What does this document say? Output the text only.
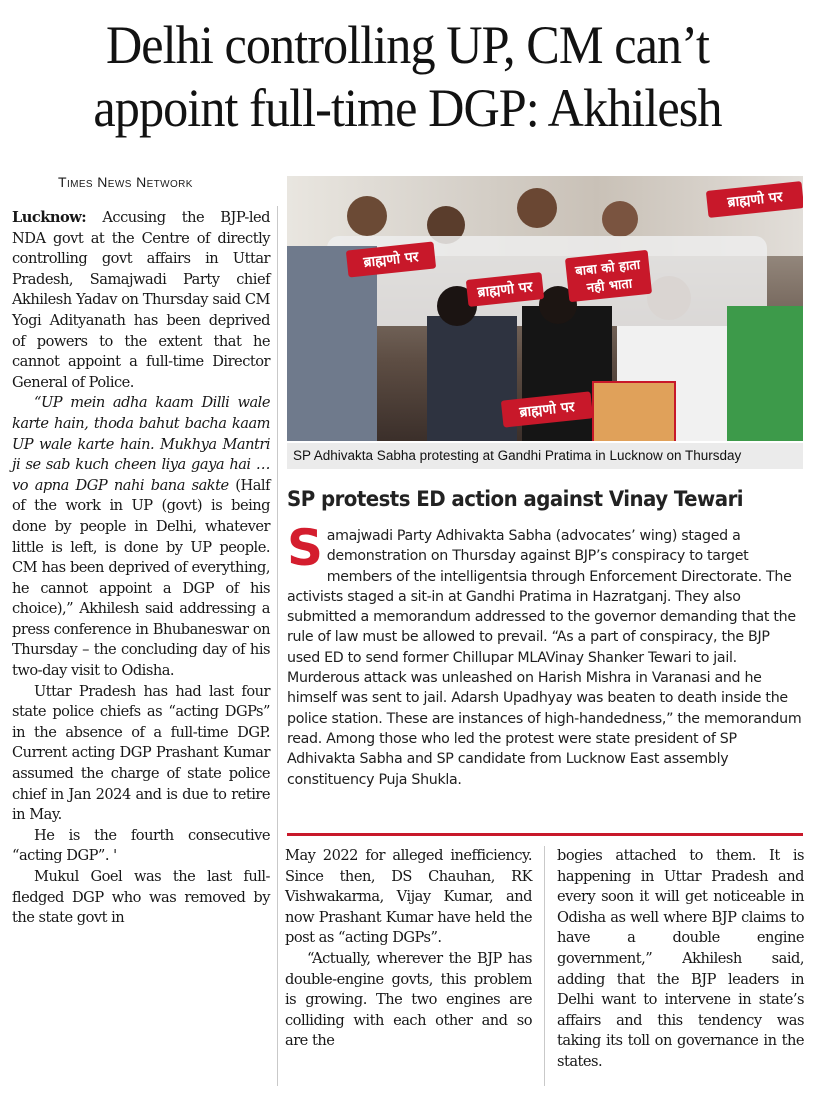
Delhi controlling UP, CM can’t
appoint full-time DGP: Akhilesh
Times News Network

Lucknow: Accusing the BJP-led NDA govt at the Centre of directly controlling govt affairs in Uttar Pradesh, Samajwadi Party chief Akhilesh Yadav on Thursday said CM Yogi Adityanath has been deprived of powers to the extent that he cannot appoint a full-time Director General of Police.

“UP mein adha kaam Dilli wale karte hain, thoda bahut bacha kaam UP wale karte hain. Mukhya Mantri ji se sab kuch cheen liya gaya hai … vo apna DGP nahi bana sakte (Half of the work in UP (govt) is being done by people in Delhi, whatever little is left, is done by UP people. CM has been deprived of everything, he cannot appoint a DGP of his choice),” Akhilesh said addressing a press conference in Bhubaneswar on Thursday – the concluding day of his two-day visit to Odisha.

Uttar Pradesh has had last four state police chiefs as “acting DGPs” in the absence of a full-time DGP. Current acting DGP Prashant Kumar assumed the charge of state police chief in Jan 2024 and is due to retire in May.

He is the fourth consecutive “acting DGP”. '

Mukul Goel was the last full-fledged DGP who was removed by the state govt in

ब्राह्मणो पर	बाबा को हाता नही भाता
ब्राह्मणो पर
ब्राह्मणो पर
ब्राह्मणो पर
SP Adhivakta Sabha protesting at Gandhi Pratima in Lucknow on Thursday
SP protests ED action against Vinay Tewari
Samajwadi Party Adhivakta Sabha (advocates’ wing) staged a demonstration on Thursday against BJP’s conspiracy to target members of the intelligentsia through Enforcement Directorate. The activists staged a sit-in at Gandhi Pratima in Hazratganj. They also submitted a memorandum addressed to the governor demanding that the rule of law must be allowed to prevail. “As a part of conspiracy, the BJP used ED to send former Chillupar MLAVinay Shanker Tewari to jail. Murderous attack was unleashed on Harish Mishra in Varanasi and he himself was sent to jail. Adarsh Upadhyay was beaten to death inside the police station. These are instances of high-handedness,” the memorandum read. Among those who led the protest were state president of SP Adhivakta Sabha and SP candidate from Lucknow East assembly constituency Puja Shukla.

May 2022 for alleged inefficiency. Since then, DS Chauhan, RK Vishwakarma, Vijay Kumar, and now Prashant Kumar have held the post as “acting DGPs”.

“Actually, wherever the BJP has double-engine govts, this problem is growing. The two engines are colliding with each other and so are the

bogies attached to them. It is happening in Uttar Pradesh and every soon it will get noticeable in Odisha as well where BJP claims to have a double engine government,” Akhilesh said, adding that the BJP leaders in Delhi want to intervene in state’s affairs and this tendency was taking its toll on governance in the states.
